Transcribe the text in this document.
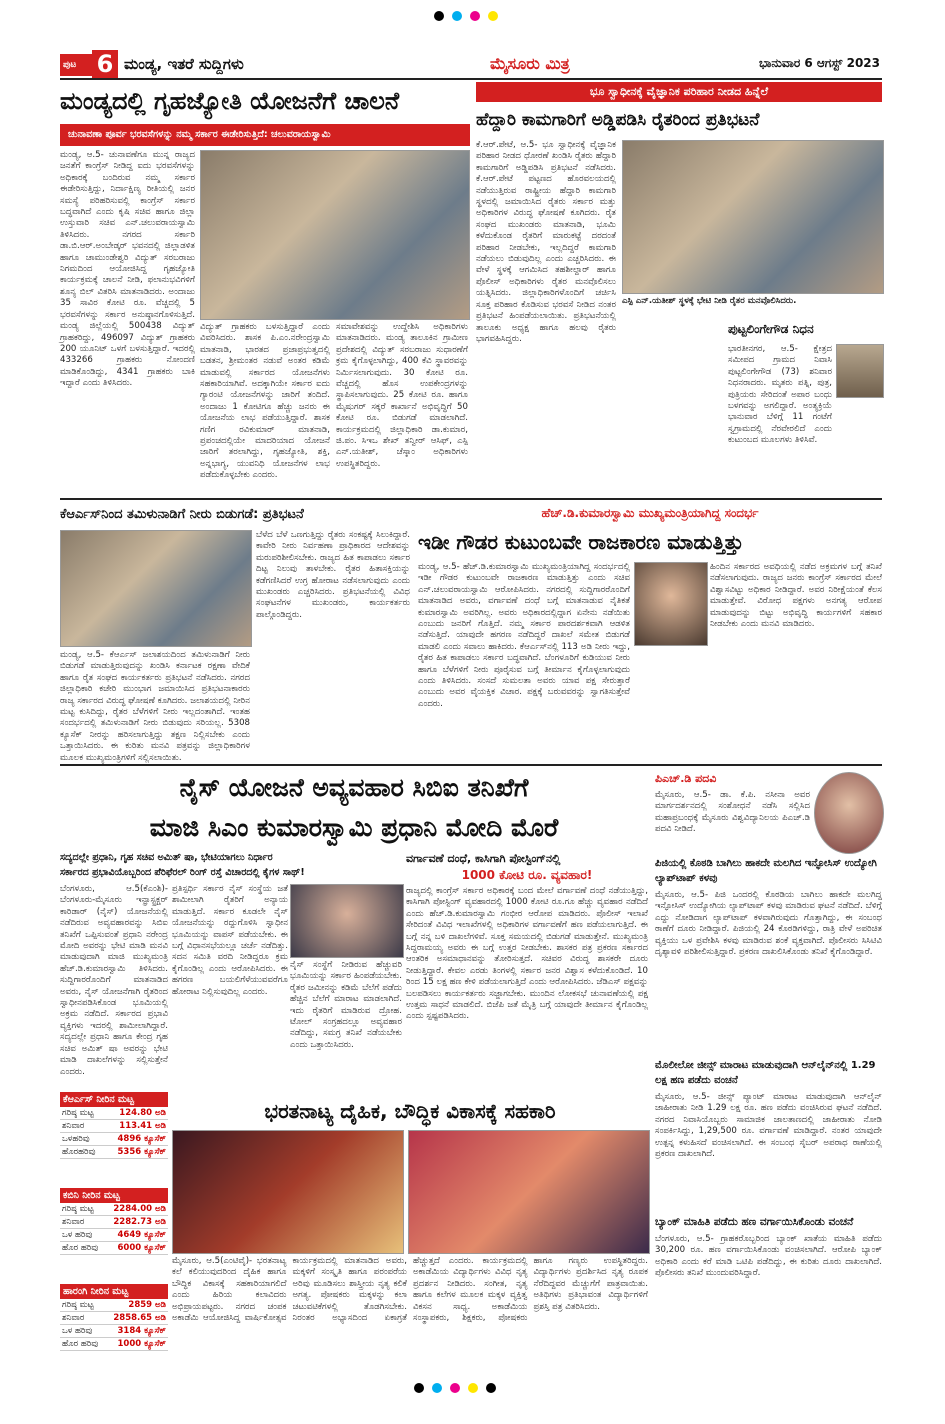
ಪುಟ 6 ಮಂಡ್ಯ, ಇತರೆ ಸುದ್ದಿಗಳು	ಮೈಸೂರು ಮಿತ್ರ	ಭಾನುವಾರ 6 ಆಗಸ್ಟ್ 2023
ಮಂಡ್ಯದಲ್ಲಿ ಗೃಹಜ್ಯೋತಿ ಯೋಜನೆಗೆ ಚಾಲನೆ
ಚುನಾವಣಾ ಪೂರ್ವ ಭರವಸೆಗಳನ್ನು ನಮ್ಮ ಸರ್ಕಾರ ಈಡೇರಿಸುತ್ತಿದೆ: ಚಲುವರಾಯಸ್ವಾಮಿ
ಮಂಡ್ಯ, ಆ.5- ಚುನಾವಣೆಗೂ ಮುನ್ನ ರಾಜ್ಯದ ಜನತೆಗೆ ಕಾಂಗ್ರೆಸ್ ನೀಡಿದ್ದ ಐದು ಭರವಸೆಗಳನ್ನು ಅಧಿಕಾರಕ್ಕೆ ಬಂದಿರುವ ನಮ್ಮ ಸರ್ಕಾರ ಈಡೇರಿಸುತ್ತಿದ್ದು, ನಿರ್ದಾಕ್ಷಿಣ್ಯ ರೀತಿಯಲ್ಲಿ ಜನರ ಸಮಸ್ಯೆ ಪರಿಹರಿಸುವಲ್ಲಿ ಕಾಂಗ್ರೆಸ್ ಸರ್ಕಾರ ಬದ್ಧವಾಗಿದೆ ಎಂದು ಕೃಷಿ ಸಚಿವ ಹಾಗೂ ಜಿಲ್ಲಾ ಉಸ್ತುವಾರಿ ಸಚಿವ ಎನ್.ಚಲುವರಾಯಸ್ವಾಮಿ ತಿಳಿಸಿದರು. ನಗರದ ಸರ್ಕಾರಿ ಡಾ.ಬಿ.ಆರ್.ಅಂಬೇಡ್ಕರ್ ಭವನದಲ್ಲಿ ಜಿಲ್ಲಾಡಳಿತ ಹಾಗೂ ಚಾಮುಂಡೇಶ್ವರಿ ವಿದ್ಯುತ್ ಸರಬರಾಜು ನಿಗಮದಿಂದ ಆಯೋಜಿಸಿದ್ದ ಗೃಹಜ್ಯೋತಿ ಕಾರ್ಯಕ್ರಮಕ್ಕೆ ಚಾಲನೆ ನೀಡಿ, ಫಲಾನುಭವಿಗಳಿಗೆ ಶೂನ್ಯ ಬಿಲ್ ವಿತರಿಸಿ ಮಾತನಾಡಿದರು. ಅಂದಾಜು 35 ಸಾವಿರ ಕೋಟಿ ರೂ. ವೆಚ್ಚದಲ್ಲಿ 5 ಭರವಸೆಗಳನ್ನು ಸರ್ಕಾರ ಅನುಷ್ಠಾನಗೊಳಿಸುತ್ತಿದೆ. ಮಂಡ್ಯ ಜಿಲ್ಲೆಯಲ್ಲಿ 500438 ವಿದ್ಯುತ್ ಗ್ರಾಹಕರಿದ್ದು, 496097 ವಿದ್ಯುತ್ ಗ್ರಾಹಕರು 200 ಯೂನಿಟ್ ಒಳಗೆ ಬಳಸುತ್ತಿದ್ದಾರೆ. ಇದರಲ್ಲಿ 433266 ಗ್ರಾಹಕರು ನೋಂದಣಿ ಮಾಡಿಕೊಂಡಿದ್ದು, 4341 ಗ್ರಾಹಕರು ಬಾಕಿ ಇದ್ದಾರೆ ಎಂದು ತಿಳಿಸಿದರು.
ವಿದ್ಯುತ್ ಗ್ರಾಹಕರು ಬಳಸುತ್ತಿದ್ದಾರೆ ಎಂದು ವಿವರಿಸಿದರು. ಶಾಸಕ ಪಿ.ಎಂ.ನರೇಂದ್ರಸ್ವಾಮಿ ಮಾತನಾಡಿ, ಭಾರತದ ಪ್ರಜಾಪ್ರಭುತ್ವದಲ್ಲಿ ಬಡತನ, ಶ್ರೀಮಂತರ ನಡುವೆ ಅಂತರ ಕಡಿಮೆ ಮಾಡುವಲ್ಲಿ ಸರ್ಕಾರದ ಯೋಜನೆಗಳು ಸಹಕಾರಿಯಾಗಿವೆ. ಅದಕ್ಕಾಗಿಯೇ ಸರ್ಕಾರ ಐದು ಗ್ಯಾರಂಟಿ ಯೋಜನೆಗಳನ್ನು ಜಾರಿಗೆ ತಂದಿದೆ. ಅಂದಾಜು 1 ಕೋಟಿಗೂ ಹೆಚ್ಚು ಜನರು ಈ ಯೋಜನೆಯ ಲಾಭ ಪಡೆಯುತ್ತಿದ್ದಾರೆ. ಶಾಸಕ ಗಣಿಗ ರವಿಕುಮಾರ್ ಮಾತನಾಡಿ, ಪ್ರಪಂಚದಲ್ಲಿಯೇ ಮಾದರಿಯಾದ ಯೋಜನೆ ಜಾರಿಗೆ ತರಲಾಗಿದ್ದು, ಗೃಹಜ್ಯೋತಿ, ಶಕ್ತಿ, ಅನ್ನಭಾಗ್ಯ, ಯುವನಿಧಿ ಯೋಜನೆಗಳ ಲಾಭ ಪಡೆದುಕೊಳ್ಳಬೇಕು ಎಂದರು.
ಸಮಾವೇಶವನ್ನು ಉದ್ದೇಶಿಸಿ ಅಧಿಕಾರಿಗಳು ಮಾತನಾಡಿದರು. ಮಂಡ್ಯ ತಾಲೂಕಿನ ಗ್ರಾಮೀಣ ಪ್ರದೇಶದಲ್ಲಿ ವಿದ್ಯುತ್ ಸರಬರಾಜು ಸುಧಾರಣೆಗೆ ಕ್ರಮ ಕೈಗೊಳ್ಳಲಾಗಿದ್ದು, 400 ಕೆವಿ ಸ್ಥಾವರವನ್ನು ನಿರ್ಮಿಸಲಾಗುವುದು. 30 ಕೋಟಿ ರೂ. ವೆಚ್ಚದಲ್ಲಿ ಹೊಸ ಉಪಕೇಂದ್ರಗಳನ್ನು ಸ್ಥಾಪಿಸಲಾಗುವುದು. 25 ಕೋಟಿ ರೂ. ಹಾಗೂ ಮೈಷುಗರ್ ಸಕ್ಕರೆ ಕಾರ್ಖಾನೆ ಅಭಿವೃದ್ಧಿಗೆ 50 ಕೋಟಿ ರೂ. ಬಿಡುಗಡೆ ಮಾಡಲಾಗಿದೆ. ಕಾರ್ಯಕ್ರಮದಲ್ಲಿ ಜಿಲ್ಲಾಧಿಕಾರಿ ಡಾ.ಕುಮಾರ, ಜಿ.ಪಂ. ಸಿಇಒ ಶೇಖ್ ತನ್ವೀರ್ ಆಸಿಫ್, ಎಸ್ಪಿ ಎನ್.ಯತೀಶ್, ಚೆಸ್ಕಾಂ ಅಧಿಕಾರಿಗಳು ಉಪಸ್ಥಿತರಿದ್ದರು.
ಭೂ ಸ್ವಾಧೀನಕ್ಕೆ ವೈಜ್ಞಾನಿಕ ಪರಿಹಾರ ನೀಡದ ಹಿನ್ನೆಲೆ
ಹೆದ್ದಾರಿ ಕಾಮಗಾರಿಗೆ ಅಡ್ಡಿಪಡಿಸಿ ರೈತರಿಂದ ಪ್ರತಿಭಟನೆ
ಕೆ.ಆರ್.ಪೇಟೆ, ಆ.5- ಭೂ ಸ್ವಾಧೀನಕ್ಕೆ ವೈಜ್ಞಾನಿಕ ಪರಿಹಾರ ನೀಡದ ಧೋರಣೆ ಖಂಡಿಸಿ ರೈತರು ಹೆದ್ದಾರಿ ಕಾಮಗಾರಿಗೆ ಅಡ್ಡಿಪಡಿಸಿ ಪ್ರತಿಭಟನೆ ನಡೆಸಿದರು. ಕೆ.ಆರ್.ಪೇಟೆ ಪಟ್ಟಣದ ಹೊರವಲಯದಲ್ಲಿ ನಡೆಯುತ್ತಿರುವ ರಾಷ್ಟ್ರೀಯ ಹೆದ್ದಾರಿ ಕಾಮಗಾರಿ ಸ್ಥಳದಲ್ಲಿ ಜಮಾಯಿಸಿದ ರೈತರು ಸರ್ಕಾರ ಮತ್ತು ಅಧಿಕಾರಿಗಳ ವಿರುದ್ಧ ಘೋಷಣೆ ಕೂಗಿದರು. ರೈತ ಸಂಘದ ಮುಖಂಡರು ಮಾತನಾಡಿ, ಭೂಮಿ ಕಳೆದುಕೊಂಡ ರೈತರಿಗೆ ಮಾರುಕಟ್ಟೆ ದರದಂತೆ ಪರಿಹಾರ ನೀಡಬೇಕು, ಇಲ್ಲದಿದ್ದರೆ ಕಾಮಗಾರಿ ನಡೆಯಲು ಬಿಡುವುದಿಲ್ಲ ಎಂದು ಎಚ್ಚರಿಸಿದರು. ಈ ವೇಳೆ ಸ್ಥಳಕ್ಕೆ ಆಗಮಿಸಿದ ತಹಶೀಲ್ದಾರ್ ಹಾಗೂ ಪೊಲೀಸ್ ಅಧಿಕಾರಿಗಳು ರೈತರ ಮನವೊಲಿಸಲು ಯತ್ನಿಸಿದರು. ಜಿಲ್ಲಾಧಿಕಾರಿಗಳೊಂದಿಗೆ ಚರ್ಚಿಸಿ ಸೂಕ್ತ ಪರಿಹಾರ ಕೊಡಿಸುವ ಭರವಸೆ ನೀಡಿದ ನಂತರ ಪ್ರತಿಭಟನೆ ಹಿಂಪಡೆಯಲಾಯಿತು. ಪ್ರತಿಭಟನೆಯಲ್ಲಿ ತಾಲೂಕು ಅಧ್ಯಕ್ಷ ಹಾಗೂ ಹಲವು ರೈತರು ಭಾಗವಹಿಸಿದ್ದರು.
ಎಸ್ಪಿ ಎನ್.ಯತೀಶ್ ಸ್ಥಳಕ್ಕೆ ಭೇಟಿ ನೀಡಿ ರೈತರ ಮನವೊಲಿಸಿದರು.
ಪುಟ್ಟಲಿಂಗೇಗೌಡ ನಿಧನ
ಭಾರತೀನಗರ, ಆ.5- ಕ್ಷೇತ್ರದ ಸಮೀಪದ ಗ್ರಾಮದ ನಿವಾಸಿ ಪುಟ್ಟಲಿಂಗೇಗೌಡ (73) ಶನಿವಾರ ನಿಧನರಾದರು. ಮೃತರು ಪತ್ನಿ, ಪುತ್ರ, ಪುತ್ರಿಯರು ಸೇರಿದಂತೆ ಅಪಾರ ಬಂಧು ಬಳಗವನ್ನು ಅಗಲಿದ್ದಾರೆ. ಅಂತ್ಯಕ್ರಿಯೆ ಭಾನುವಾರ ಬೆಳಿಗ್ಗೆ 11 ಗಂಟೆಗೆ ಸ್ವಗ್ರಾಮದಲ್ಲಿ ನೆರವೇರಲಿದೆ ಎಂದು ಕುಟುಂಬದ ಮೂಲಗಳು ತಿಳಿಸಿವೆ.
ಕೆಆರ್ಎಸ್‌ನಿಂದ ತಮಿಳುನಾಡಿಗೆ ನೀರು ಬಿಡುಗಡೆ: ಪ್ರತಿಭಟನೆ
ಮಂಡ್ಯ, ಆ.5- ಕೆಆರ್ಎಸ್ ಜಲಾಶಯದಿಂದ ತಮಿಳುನಾಡಿಗೆ ನೀರು ಬಿಡುಗಡೆ ಮಾಡುತ್ತಿರುವುದನ್ನು ಖಂಡಿಸಿ ಕರ್ನಾಟಕ ರಕ್ಷಣಾ ವೇದಿಕೆ ಹಾಗೂ ರೈತ ಸಂಘದ ಕಾರ್ಯಕರ್ತರು ಪ್ರತಿಭಟನೆ ನಡೆಸಿದರು. ನಗರದ ಜಿಲ್ಲಾಧಿಕಾರಿ ಕಚೇರಿ ಮುಂಭಾಗ ಜಮಾಯಿಸಿದ ಪ್ರತಿಭಟನಾಕಾರರು ರಾಜ್ಯ ಸರ್ಕಾರದ ವಿರುದ್ಧ ಘೋಷಣೆ ಕೂಗಿದರು. ಜಲಾಶಯದಲ್ಲಿ ನೀರಿನ ಮಟ್ಟ ಕುಸಿದಿದ್ದು, ರೈತರ ಬೆಳೆಗಳಿಗೆ ನೀರು ಇಲ್ಲದಂತಾಗಿದೆ. ಇಂತಹ ಸಂದರ್ಭದಲ್ಲಿ ತಮಿಳುನಾಡಿಗೆ ನೀರು ಬಿಡುವುದು ಸರಿಯಲ್ಲ. 5308 ಕ್ಯೂಸೆಕ್ ನೀರನ್ನು ಹರಿಸಲಾಗುತ್ತಿದ್ದು ತಕ್ಷಣ ನಿಲ್ಲಿಸಬೇಕು ಎಂದು ಒತ್ತಾಯಿಸಿದರು. ಈ ಕುರಿತು ಮನವಿ ಪತ್ರವನ್ನು ಜಿಲ್ಲಾಧಿಕಾರಿಗಳ ಮೂಲಕ ಮುಖ್ಯಮಂತ್ರಿಗಳಿಗೆ ಸಲ್ಲಿಸಲಾಯಿತು.
ಬೆಳೆದ ಬೆಳೆ ಒಣಗುತ್ತಿದ್ದು ರೈತರು ಸಂಕಷ್ಟಕ್ಕೆ ಸಿಲುಕಿದ್ದಾರೆ. ಕಾವೇರಿ ನೀರು ನಿರ್ವಹಣಾ ಪ್ರಾಧಿಕಾರದ ಆದೇಶವನ್ನು ಮರುಪರಿಶೀಲಿಸಬೇಕು. ರಾಜ್ಯದ ಹಿತ ಕಾಪಾಡಲು ಸರ್ಕಾರ ದಿಟ್ಟ ನಿಲುವು ತಾಳಬೇಕು. ರೈತರ ಹಿತಾಸಕ್ತಿಯನ್ನು ಕಡೆಗಣಿಸಿದರೆ ಉಗ್ರ ಹೋರಾಟ ನಡೆಸಲಾಗುವುದು ಎಂದು ಮುಖಂಡರು ಎಚ್ಚರಿಸಿದರು. ಪ್ರತಿಭಟನೆಯಲ್ಲಿ ವಿವಿಧ ಸಂಘಟನೆಗಳ ಮುಖಂಡರು, ಕಾರ್ಯಕರ್ತರು ಪಾಲ್ಗೊಂಡಿದ್ದರು.
ಹೆಚ್.ಡಿ.ಕುಮಾರಸ್ವಾಮಿ ಮುಖ್ಯಮಂತ್ರಿಯಾಗಿದ್ದ ಸಂದರ್ಭ
ಇಡೀ ಗೌಡರ ಕುಟುಂಬವೇ ರಾಜಕಾರಣ ಮಾಡುತ್ತಿತ್ತು
ಮಂಡ್ಯ, ಆ.5- ಹೆಚ್.ಡಿ.ಕುಮಾರಸ್ವಾಮಿ ಮುಖ್ಯಮಂತ್ರಿಯಾಗಿದ್ದ ಸಂದರ್ಭದಲ್ಲಿ ಇಡೀ ಗೌಡರ ಕುಟುಂಬವೇ ರಾಜಕಾರಣ ಮಾಡುತ್ತಿತ್ತು ಎಂದು ಸಚಿವ ಎನ್.ಚಲುವರಾಯಸ್ವಾಮಿ ಆರೋಪಿಸಿದರು. ನಗರದಲ್ಲಿ ಸುದ್ದಿಗಾರರೊಂದಿಗೆ ಮಾತನಾಡಿದ ಅವರು, ವರ್ಗಾವಣೆ ದಂಧೆ ಬಗ್ಗೆ ಮಾತನಾಡುವ ನೈತಿಕತೆ ಕುಮಾರಸ್ವಾಮಿ ಅವರಿಗಿಲ್ಲ. ಅವರು ಅಧಿಕಾರದಲ್ಲಿದ್ದಾಗ ಏನೇನು ನಡೆಯಿತು ಎಂಬುದು ಜನರಿಗೆ ಗೊತ್ತಿದೆ. ನಮ್ಮ ಸರ್ಕಾರ ಪಾರದರ್ಶಕವಾಗಿ ಆಡಳಿತ ನಡೆಸುತ್ತಿದೆ. ಯಾವುದೇ ಹಗರಣ ನಡೆದಿದ್ದರೆ ದಾಖಲೆ ಸಮೇತ ಬಿಡುಗಡೆ ಮಾಡಲಿ ಎಂದು ಸವಾಲು ಹಾಕಿದರು. ಕೆಆರ್ಎಸ್‌ನಲ್ಲಿ 113 ಅಡಿ ನೀರು ಇದ್ದು, ರೈತರ ಹಿತ ಕಾಪಾಡಲು ಸರ್ಕಾರ ಬದ್ಧವಾಗಿದೆ. ಬೆಂಗಳೂರಿಗೆ ಕುಡಿಯುವ ನೀರು ಹಾಗೂ ಬೆಳೆಗಳಿಗೆ ನೀರು ಪೂರೈಸುವ ಬಗ್ಗೆ ತೀರ್ಮಾನ ಕೈಗೊಳ್ಳಲಾಗುವುದು ಎಂದು ತಿಳಿಸಿದರು. ಸಂಸದೆ ಸುಮಲತಾ ಅವರು ಯಾವ ಪಕ್ಷ ಸೇರುತ್ತಾರೆ ಎಂಬುದು ಅವರ ವೈಯಕ್ತಿಕ ವಿಚಾರ. ಪಕ್ಷಕ್ಕೆ ಬರುವವರನ್ನು ಸ್ವಾಗತಿಸುತ್ತೇವೆ ಎಂದರು.
ಹಿಂದಿನ ಸರ್ಕಾರದ ಅವಧಿಯಲ್ಲಿ ನಡೆದ ಅಕ್ರಮಗಳ ಬಗ್ಗೆ ತನಿಖೆ ನಡೆಸಲಾಗುವುದು. ರಾಜ್ಯದ ಜನರು ಕಾಂಗ್ರೆಸ್ ಸರ್ಕಾರದ ಮೇಲೆ ವಿಶ್ವಾಸವಿಟ್ಟು ಅಧಿಕಾರ ನೀಡಿದ್ದಾರೆ. ಅವರ ನಿರೀಕ್ಷೆಯಂತೆ ಕೆಲಸ ಮಾಡುತ್ತೇವೆ. ವಿರೋಧ ಪಕ್ಷಗಳು ಅನಗತ್ಯ ಆರೋಪ ಮಾಡುವುದನ್ನು ಬಿಟ್ಟು ಅಭಿವೃದ್ಧಿ ಕಾರ್ಯಗಳಿಗೆ ಸಹಕಾರ ನೀಡಬೇಕು ಎಂದು ಮನವಿ ಮಾಡಿದರು.
ನೈಸ್ ಯೋಜನೆ ಅವ್ಯವಹಾರ ಸಿಬಿಐ ತನಿಖೆಗೆ
ಮಾಜಿ ಸಿಎಂ ಕುಮಾರಸ್ವಾಮಿ ಪ್ರಧಾನಿ ಮೋದಿ ಮೊರೆ
ಸದ್ಯದಲ್ಲೇ ಪ್ರಧಾನಿ, ಗೃಹ ಸಚಿವ ಅಮಿತ್ ಷಾ, ಭೇಟಿಯಾಗಲು ನಿರ್ಧಾರ
ಸರ್ಕಾರದ ಪ್ರಭಾವಿಯೊಬ್ಬರಿಂದ ಪೆರಿಫೆರಲ್ ರಿಂಗ್ ರಸ್ತೆ ವಿಚಾರದಲ್ಲಿ ಕೈಗಳ ಸಾಥ್!
ಬೆಂಗಳೂರು, ಆ.5(ಕೆಎಂಶಿ)- ಬೆಂಗಳೂರು-ಮೈಸೂರು ಇನ್ಫ್ರಾಸ್ಟ್ರಕ್ಚರ್ ಕಾರಿಡಾರ್ (ನೈಸ್) ಯೋಜನೆಯಲ್ಲಿ ನಡೆದಿರುವ ಅವ್ಯವಹಾರವನ್ನು ಸಿಬಿಐ ತನಿಖೆಗೆ ಒಪ್ಪಿಸುವಂತೆ ಪ್ರಧಾನಿ ನರೇಂದ್ರ ಮೋದಿ ಅವರನ್ನು ಭೇಟಿ ಮಾಡಿ ಮನವಿ ಮಾಡುವುದಾಗಿ ಮಾಜಿ ಮುಖ್ಯಮಂತ್ರಿ ಹೆಚ್.ಡಿ.ಕುಮಾರಸ್ವಾಮಿ ತಿಳಿಸಿದರು. ಸುದ್ದಿಗಾರರೊಂದಿಗೆ ಮಾತನಾಡಿದ ಅವರು, ನೈಸ್ ಯೋಜನೆಗಾಗಿ ರೈತರಿಂದ ಸ್ವಾಧೀನಪಡಿಸಿಕೊಂಡ ಭೂಮಿಯಲ್ಲಿ ಅಕ್ರಮ ನಡೆದಿದೆ. ಸರ್ಕಾರದ ಪ್ರಭಾವಿ ವ್ಯಕ್ತಿಗಳು ಇದರಲ್ಲಿ ಶಾಮೀಲಾಗಿದ್ದಾರೆ. ಸದ್ಯದಲ್ಲೇ ಪ್ರಧಾನಿ ಹಾಗೂ ಕೇಂದ್ರ ಗೃಹ ಸಚಿವ ಅಮಿತ್ ಷಾ ಅವರನ್ನು ಭೇಟಿ ಮಾಡಿ ದಾಖಲೆಗಳನ್ನು ಸಲ್ಲಿಸುತ್ತೇನೆ ಎಂದರು.
ಪ್ರತಿಸ್ಪರ್ಧಿ ಸರ್ಕಾರ ನೈಸ್ ಸಂಸ್ಥೆಯ ಜತೆ ಶಾಮೀಲಾಗಿ ರೈತರಿಗೆ ಅನ್ಯಾಯ ಮಾಡುತ್ತಿದೆ. ಸರ್ಕಾರ ಕೂಡಲೇ ನೈಸ್ ಯೋಜನೆಯನ್ನು ರದ್ದುಗೊಳಿಸಿ ಸ್ವಾಧೀನ ಭೂಮಿಯನ್ನು ವಾಪಸ್ ಪಡೆಯಬೇಕು. ಈ ಬಗ್ಗೆ ವಿಧಾನಸಭೆಯಲ್ಲೂ ಚರ್ಚೆ ನಡೆದಿತ್ತು. ಸದನ ಸಮಿತಿ ವರದಿ ನೀಡಿದ್ದರೂ ಕ್ರಮ ಕೈಗೊಂಡಿಲ್ಲ ಎಂದು ಆರೋಪಿಸಿದರು. ಈ ಹಗರಣ ಬಯಲಿಗೆಳೆಯುವವರೆಗೂ ಹೋರಾಟ ನಿಲ್ಲಿಸುವುದಿಲ್ಲ ಎಂದರು.
ನೈಸ್ ಸಂಸ್ಥೆಗೆ ನೀಡಿರುವ ಹೆಚ್ಚುವರಿ ಭೂಮಿಯನ್ನು ಸರ್ಕಾರ ಹಿಂಪಡೆಯಬೇಕು. ರೈತರ ಜಮೀನನ್ನು ಕಡಿಮೆ ಬೆಲೆಗೆ ಪಡೆದು ಹೆಚ್ಚಿನ ಬೆಲೆಗೆ ಮಾರಾಟ ಮಾಡಲಾಗಿದೆ. ಇದು ರೈತರಿಗೆ ಮಾಡಿರುವ ದ್ರೋಹ. ಟೋಲ್ ಸಂಗ್ರಹದಲ್ಲೂ ಅವ್ಯವಹಾರ ನಡೆದಿದ್ದು, ಸಮಗ್ರ ತನಿಖೆ ನಡೆಯಬೇಕು ಎಂದು ಒತ್ತಾಯಿಸಿದರು.
ವರ್ಗಾವಣೆ ದಂಧೆ, ಕಾಸಿಗಾಗಿ ಪೋಸ್ಟಿಂಗ್‌ನಲ್ಲಿ
1000 ಕೋಟಿ ರೂ. ವ್ಯವಹಾರ!
ರಾಜ್ಯದಲ್ಲಿ ಕಾಂಗ್ರೆಸ್ ಸರ್ಕಾರ ಅಧಿಕಾರಕ್ಕೆ ಬಂದ ಮೇಲೆ ವರ್ಗಾವಣೆ ದಂಧೆ ನಡೆಯುತ್ತಿದ್ದು, ಕಾಸಿಗಾಗಿ ಪೋಸ್ಟಿಂಗ್ ವ್ಯವಹಾರದಲ್ಲಿ 1000 ಕೋಟಿ ರೂ.ಗೂ ಹೆಚ್ಚು ವ್ಯವಹಾರ ನಡೆದಿದೆ ಎಂದು ಹೆಚ್.ಡಿ.ಕುಮಾರಸ್ವಾಮಿ ಗಂಭೀರ ಆರೋಪ ಮಾಡಿದರು. ಪೊಲೀಸ್ ಇಲಾಖೆ ಸೇರಿದಂತೆ ವಿವಿಧ ಇಲಾಖೆಗಳಲ್ಲಿ ಅಧಿಕಾರಿಗಳ ವರ್ಗಾವಣೆಗೆ ಹಣ ಪಡೆಯಲಾಗುತ್ತಿದೆ. ಈ ಬಗ್ಗೆ ನನ್ನ ಬಳಿ ದಾಖಲೆಗಳಿವೆ. ಸೂಕ್ತ ಸಮಯದಲ್ಲಿ ಬಿಡುಗಡೆ ಮಾಡುತ್ತೇನೆ. ಮುಖ್ಯಮಂತ್ರಿ ಸಿದ್ದರಾಮಯ್ಯ ಅವರು ಈ ಬಗ್ಗೆ ಉತ್ತರ ನೀಡಬೇಕು. ಶಾಸಕರ ಪತ್ರ ಪ್ರಕರಣ ಸರ್ಕಾರದ ಆಂತರಿಕ ಅಸಮಾಧಾನವನ್ನು ತೋರಿಸುತ್ತದೆ. ಸಚಿವರ ವಿರುದ್ಧ ಶಾಸಕರೇ ದೂರು ನೀಡುತ್ತಿದ್ದಾರೆ. ಕೇವಲ ಎರಡು ತಿಂಗಳಲ್ಲಿ ಸರ್ಕಾರ ಜನರ ವಿಶ್ವಾಸ ಕಳೆದುಕೊಂಡಿದೆ. 10 ರಿಂದ 15 ಲಕ್ಷ ಹಣ ಕೇಳಿ ಪಡೆಯಲಾಗುತ್ತಿದೆ ಎಂದು ಆರೋಪಿಸಿದರು. ಜೆಡಿಎಸ್ ಪಕ್ಷವನ್ನು ಬಲಪಡಿಸಲು ಕಾರ್ಯಕರ್ತರು ಸಜ್ಜಾಗಬೇಕು. ಮುಂದಿನ ಲೋಕಸಭೆ ಚುನಾವಣೆಯಲ್ಲಿ ಪಕ್ಷ ಉತ್ತಮ ಸಾಧನೆ ಮಾಡಲಿದೆ. ಬಿಜೆಪಿ ಜತೆ ಮೈತ್ರಿ ಬಗ್ಗೆ ಯಾವುದೇ ತೀರ್ಮಾನ ಕೈಗೊಂಡಿಲ್ಲ ಎಂದು ಸ್ಪಷ್ಟಪಡಿಸಿದರು.
ಪಿಎಚ್.ಡಿ ಪದವಿ
ಮೈಸೂರು, ಆ.5- ಡಾ. ಕೆ.ಪಿ. ನಸೀನಾ ಅವರ ಮಾರ್ಗದರ್ಶನದಲ್ಲಿ ಸಂಶೋಧನೆ ನಡೆಸಿ ಸಲ್ಲಿಸಿದ ಮಹಾಪ್ರಬಂಧಕ್ಕೆ ಮೈಸೂರು ವಿಶ್ವವಿದ್ಯಾನಿಲಯ ಪಿಎಚ್.ಡಿ ಪದವಿ ನೀಡಿದೆ.
ಪಿಜಿಯಲ್ಲಿ ಕೊಠಡಿ ಬಾಗಿಲು ಹಾಕದೇ ಮಲಗಿದ ಇನ್ಫೋಸಿಸ್ ಉದ್ಯೋಗಿ ಲ್ಯಾಪ್‌ಟಾಪ್ ಕಳವು
ಮೈಸೂರು, ಆ.5- ಪಿಜಿ ಒಂದರಲ್ಲಿ ಕೊಠಡಿಯ ಬಾಗಿಲು ಹಾಕದೇ ಮಲಗಿದ್ದ ಇನ್ಫೋಸಿಸ್ ಉದ್ಯೋಗಿಯ ಲ್ಯಾಪ್‌ಟಾಪ್ ಕಳವು ಮಾಡಿರುವ ಘಟನೆ ನಡೆದಿದೆ. ಬೆಳಿಗ್ಗೆ ಎದ್ದು ನೋಡಿದಾಗ ಲ್ಯಾಪ್‌ಟಾಪ್ ಕಳವಾಗಿರುವುದು ಗೊತ್ತಾಗಿದ್ದು, ಈ ಸಂಬಂಧ ಠಾಣೆಗೆ ದೂರು ನೀಡಿದ್ದಾರೆ. ಪಿಜಿಯಲ್ಲಿ 24 ಕೊಠಡಿಗಳಿದ್ದು, ರಾತ್ರಿ ವೇಳೆ ಅಪರಿಚಿತ ವ್ಯಕ್ತಿಯು ಒಳ ಪ್ರವೇಶಿಸಿ ಕಳವು ಮಾಡಿರುವ ಶಂಕೆ ವ್ಯಕ್ತವಾಗಿದೆ. ಪೊಲೀಸರು ಸಿಸಿಟಿವಿ ದೃಶ್ಯಾವಳಿ ಪರಿಶೀಲಿಸುತ್ತಿದ್ದಾರೆ. ಪ್ರಕರಣ ದಾಖಲಿಸಿಕೊಂಡು ತನಿಖೆ ಕೈಗೊಂಡಿದ್ದಾರೆ.
ಮೊಲೀಲೋ ಜೀನ್ಸ್ ಮಾರಾಟ ಮಾಡುವುದಾಗಿ ಆನ್‌ಲೈನ್‌ನಲ್ಲಿ 1.29 ಲಕ್ಷ ಹಣ ಪಡೆದು ವಂಚನೆ
ಮೈಸೂರು, ಆ.5- ಜೀನ್ಸ್ ಪ್ಯಾಂಟ್ ಮಾರಾಟ ಮಾಡುವುದಾಗಿ ಆನ್‌ಲೈನ್ ಜಾಹೀರಾತು ನೀಡಿ 1.29 ಲಕ್ಷ ರೂ. ಹಣ ಪಡೆದು ವಂಚಿಸಿರುವ ಘಟನೆ ನಡೆದಿದೆ. ನಗರದ ನಿವಾಸಿಯೊಬ್ಬರು ಸಾಮಾಜಿಕ ಜಾಲತಾಣದಲ್ಲಿ ಜಾಹೀರಾತು ನೋಡಿ ಸಂಪರ್ಕಿಸಿದ್ದು, 1,29,500 ರೂ. ವರ್ಗಾವಣೆ ಮಾಡಿದ್ದಾರೆ. ನಂತರ ಯಾವುದೇ ಉತ್ಪನ್ನ ಕಳುಹಿಸದೆ ವಂಚಿಸಲಾಗಿದೆ. ಈ ಸಂಬಂಧ ಸೈಬರ್ ಅಪರಾಧ ಠಾಣೆಯಲ್ಲಿ ಪ್ರಕರಣ ದಾಖಲಾಗಿದೆ.
ಬ್ಯಾಂಕ್ ಮಾಹಿತಿ ಪಡೆದು ಹಣ ವರ್ಗಾಯಿಸಿಕೊಂಡು ವಂಚನೆ
ಬೆಂಗಳೂರು, ಆ.5- ಗ್ರಾಹಕರೊಬ್ಬರಿಂದ ಬ್ಯಾಂಕ್ ಖಾತೆಯ ಮಾಹಿತಿ ಪಡೆದು 30,200 ರೂ. ಹಣ ವರ್ಗಾಯಿಸಿಕೊಂಡು ವಂಚಿಸಲಾಗಿದೆ. ಆರೋಪಿ ಬ್ಯಾಂಕ್ ಅಧಿಕಾರಿ ಎಂದು ಕರೆ ಮಾಡಿ ಒಟಿಪಿ ಪಡೆದಿದ್ದು, ಈ ಕುರಿತು ದೂರು ದಾಖಲಾಗಿದೆ. ಪೊಲೀಸರು ತನಿಖೆ ಮುಂದುವರಿಸಿದ್ದಾರೆ.
ಕೆಆರ್ಎಸ್ ನೀರಿನ ಮಟ್ಟ
ಗರಿಷ್ಠ ಮಟ್ಟ	124.80 ಅಡಿ
ಶನಿವಾರ	113.41 ಅಡಿ
ಒಳಹರಿವು	4896 ಕ್ಯೂಸೆಕ್
ಹೊರಹರಿವು	5356 ಕ್ಯೂಸೆಕ್
ಕಬಿನಿ ನೀರಿನ ಮಟ್ಟ
ಗರಿಷ್ಠ ಮಟ್ಟ	2284.00 ಅಡಿ
ಶನಿವಾರ	2282.73 ಅಡಿ
ಒಳ ಹರಿವು	4649 ಕ್ಯೂಸೆಕ್
ಹೊರ ಹರಿವು	6000 ಕ್ಯೂಸೆಕ್
ಹಾರಂಗಿ ನೀರಿನ ಮಟ್ಟ
ಗರಿಷ್ಠ ಮಟ್ಟ	2859 ಅಡಿ
ಶನಿವಾರ	2858.65 ಅಡಿ
ಒಳ ಹರಿವು	3184 ಕ್ಯೂಸೆಕ್
ಹೊರ ಹರಿವು	1000 ಕ್ಯೂಸೆಕ್
ಭರತನಾಟ್ಯ ದೈಹಿಕ, ಬೌದ್ಧಿಕ ವಿಕಾಸಕ್ಕೆ ಸಹಕಾರಿ
ಮೈಸೂರು, ಆ.5(ಎಂಟಿವೈ)- ಭರತನಾಟ್ಯ ಕಲೆ ಕಲಿಯುವುದರಿಂದ ದೈಹಿಕ ಹಾಗೂ ಬೌದ್ಧಿಕ ವಿಕಾಸಕ್ಕೆ ಸಹಕಾರಿಯಾಗಲಿದೆ ಎಂದು ಹಿರಿಯ ಕಲಾವಿದರು ಅಭಿಪ್ರಾಯಪಟ್ಟರು. ನಗರದ ಚಂಪಕ ಅಕಾಡೆಮಿ ಆಯೋಜಿಸಿದ್ದ ವಾರ್ಷಿಕೋತ್ಸವ ಕಾರ್ಯಕ್ರಮದಲ್ಲಿ ಮಾತನಾಡಿದ ಅವರು, ಮಕ್ಕಳಿಗೆ ಸಂಸ್ಕೃತಿ ಹಾಗೂ ಪರಂಪರೆಯ ಅರಿವು ಮೂಡಿಸಲು ಶಾಸ್ತ್ರೀಯ ನೃತ್ಯ ಕಲಿಕೆ ಅಗತ್ಯ. ಪೋಷಕರು ಮಕ್ಕಳನ್ನು ಕಲಾ ಚಟುವಟಿಕೆಗಳಲ್ಲಿ ತೊಡಗಿಸಬೇಕು. ನಿರಂತರ ಅಭ್ಯಾಸದಿಂದ ಏಕಾಗ್ರತೆ ಹೆಚ್ಚುತ್ತದೆ ಎಂದರು. ಕಾರ್ಯಕ್ರಮದಲ್ಲಿ ಅಕಾಡೆಮಿಯ ವಿದ್ಯಾರ್ಥಿಗಳು ವಿವಿಧ ನೃತ್ಯ ಪ್ರದರ್ಶನ ನೀಡಿದರು. ಸಂಗೀತ, ನೃತ್ಯ ಹಾಗೂ ಕಲೆಗಳ ಮೂಲಕ ಮಕ್ಕಳ ವ್ಯಕ್ತಿತ್ವ ವಿಕಸನ ಸಾಧ್ಯ. ಅಕಾಡೆಮಿಯ ಸಂಸ್ಥಾಪಕರು, ಶಿಕ್ಷಕರು, ಪೋಷಕರು ಹಾಗೂ ಗಣ್ಯರು ಉಪಸ್ಥಿತರಿದ್ದರು. ವಿದ್ಯಾರ್ಥಿಗಳು ಪ್ರದರ್ಶಿಸಿದ ನೃತ್ಯ ರೂಪಕ ನೆರೆದಿದ್ದವರ ಮೆಚ್ಚುಗೆಗೆ ಪಾತ್ರವಾಯಿತು. ಅತಿಥಿಗಳು ಪ್ರತಿಭಾವಂತ ವಿದ್ಯಾರ್ಥಿಗಳಿಗೆ ಪ್ರಶಸ್ತಿ ಪತ್ರ ವಿತರಿಸಿದರು.
